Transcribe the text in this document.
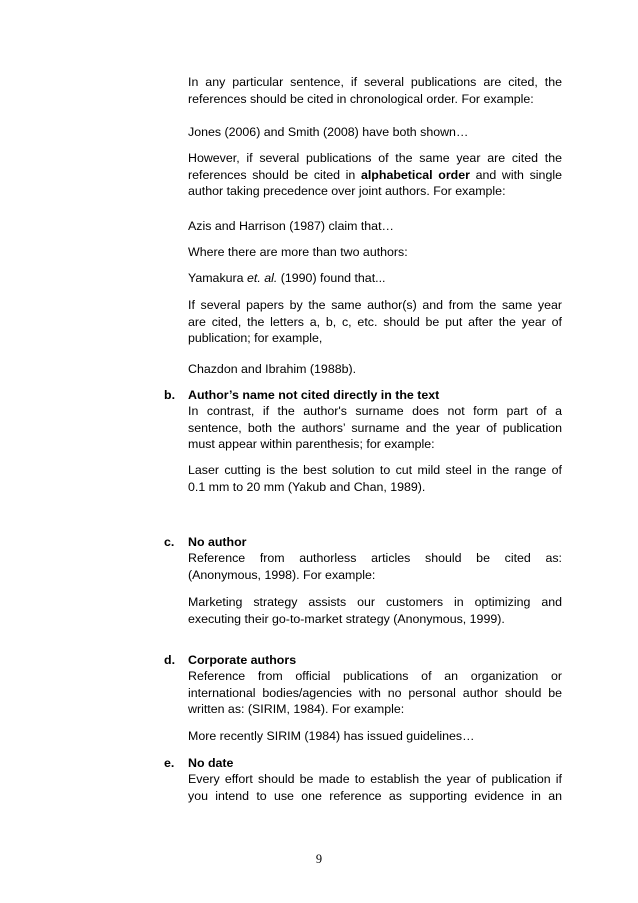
In any particular sentence, if several publications are cited, the
references should be cited in chronological order. For example:
Jones (2006) and Smith (2008) have both shown…
However, if several publications of the same year are cited the
references should be cited in alphabetical order and with single
author taking precedence over joint authors. For example:
Azis and Harrison (1987) claim that…
Where there are more than two authors:
Yamakura et. al. (1990) found that...
If several papers by the same author(s) and from the same year
are cited, the letters a, b, c, etc. should be put after the year of
publication; for example,
Chazdon and Ibrahim (1988b).
b. Author’s name not cited directly in the text
In contrast, if the author's surname does not form part of a
sentence, both the authors’ surname and the year of publication
must appear within parenthesis; for example:
Laser cutting is the best solution to cut mild steel in the range of
0.1 mm to 20 mm (Yakub and Chan, 1989).
c. No author
Reference from authorless articles should be cited as:
(Anonymous, 1998). For example:
Marketing strategy assists our customers in optimizing and
executing their go-to-market strategy (Anonymous, 1999).
d. Corporate authors
Reference from official publications of an organization or
international bodies/agencies with no personal author should be
written as: (SIRIM, 1984). For example:
More recently SIRIM (1984) has issued guidelines…
e. No date
Every effort should be made to establish the year of publication if
you intend to use one reference as supporting evidence in an
9
